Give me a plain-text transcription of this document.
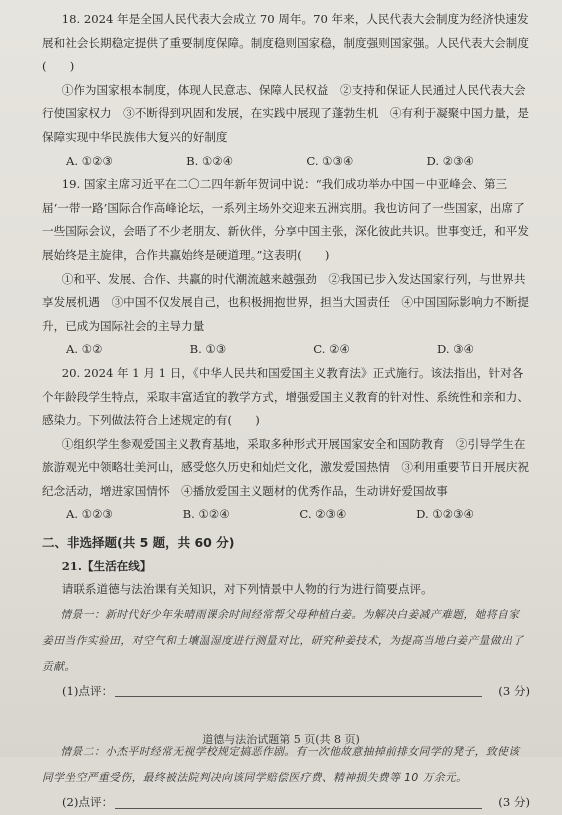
18. 2024 年是全国人民代表大会成立 70 周年。70 年来，人民代表大会制度为经济快速发展和社会长期稳定提供了重要制度保障。制度稳则国家稳，制度强则国家强。人民代表大会制度(　　)

①作为国家根本制度，体现人民意志、保障人民权益　②支持和保证人民通过人民代表大会行使国家权力　③不断得到巩固和发展，在实践中展现了蓬勃生机　④有利于凝聚中国力量，是保障实现中华民族伟大复兴的好制度

A. ①②③	B. ①②④	C. ①③④	D. ②③④

19. 国家主席习近平在二〇二四年新年贺词中说：“我们成功举办中国－中亚峰会、第三届‘一带一路’国际合作高峰论坛，一系列主场外交迎来五洲宾朋。我也访问了一些国家，出席了一些国际会议，会晤了不少老朋友、新伙伴，分享中国主张，深化彼此共识。世事变迁，和平发展始终是主旋律，合作共赢始终是硬道理。”这表明(　　)

①和平、发展、合作、共赢的时代潮流越来越强劲　②我国已步入发达国家行列，与世界共享发展机遇　③中国不仅发展自己，也积极拥抱世界，担当大国责任　④中国国际影响力不断提升，已成为国际社会的主导力量

A. ①②	B. ①③	C. ②④	D. ③④

20. 2024 年 1 月 1 日，《中华人民共和国爱国主义教育法》正式施行。该法指出，针对各个年龄段学生特点，采取丰富适宜的教学方式，增强爱国主义教育的针对性、系统性和亲和力、感染力。下列做法符合上述规定的有(　　)

①组织学生参观爱国主义教育基地，采取多种形式开展国家安全和国防教育　②引导学生在旅游观光中领略壮美河山，感受悠久历史和灿烂文化，激发爱国热情　③利用重要节日开展庆祝纪念活动，增进家国情怀　④播放爱国主义题材的优秀作品，生动讲好爱国故事

A. ①②③	B. ①②④	C. ②③④	D. ①②③④

二、非选择题(共 5 题，共 60 分)

21.【生活在线】

请联系道德与法治课有关知识，对下列情景中人物的行为进行简要点评。

情景一：新时代好少年朱晴雨课余时间经常帮父母种植白姜。为解决白姜减产难题，她将自家姜田当作实验田，对空气和土壤温湿度进行测量对比，研究种姜技术，为提高当地白姜产量做出了贡献。

(1)点评：	(3 分)

情景二：小杰平时经常无视学校规定搞恶作剧。有一次他故意抽掉前排女同学的凳子，致使该同学坐空严重受伤，最终被法院判决向该同学赔偿医疗费、精神损失费等 10 万余元。

(2)点评：	(3 分)
道德与法治试题第 5 页(共 8 页)
